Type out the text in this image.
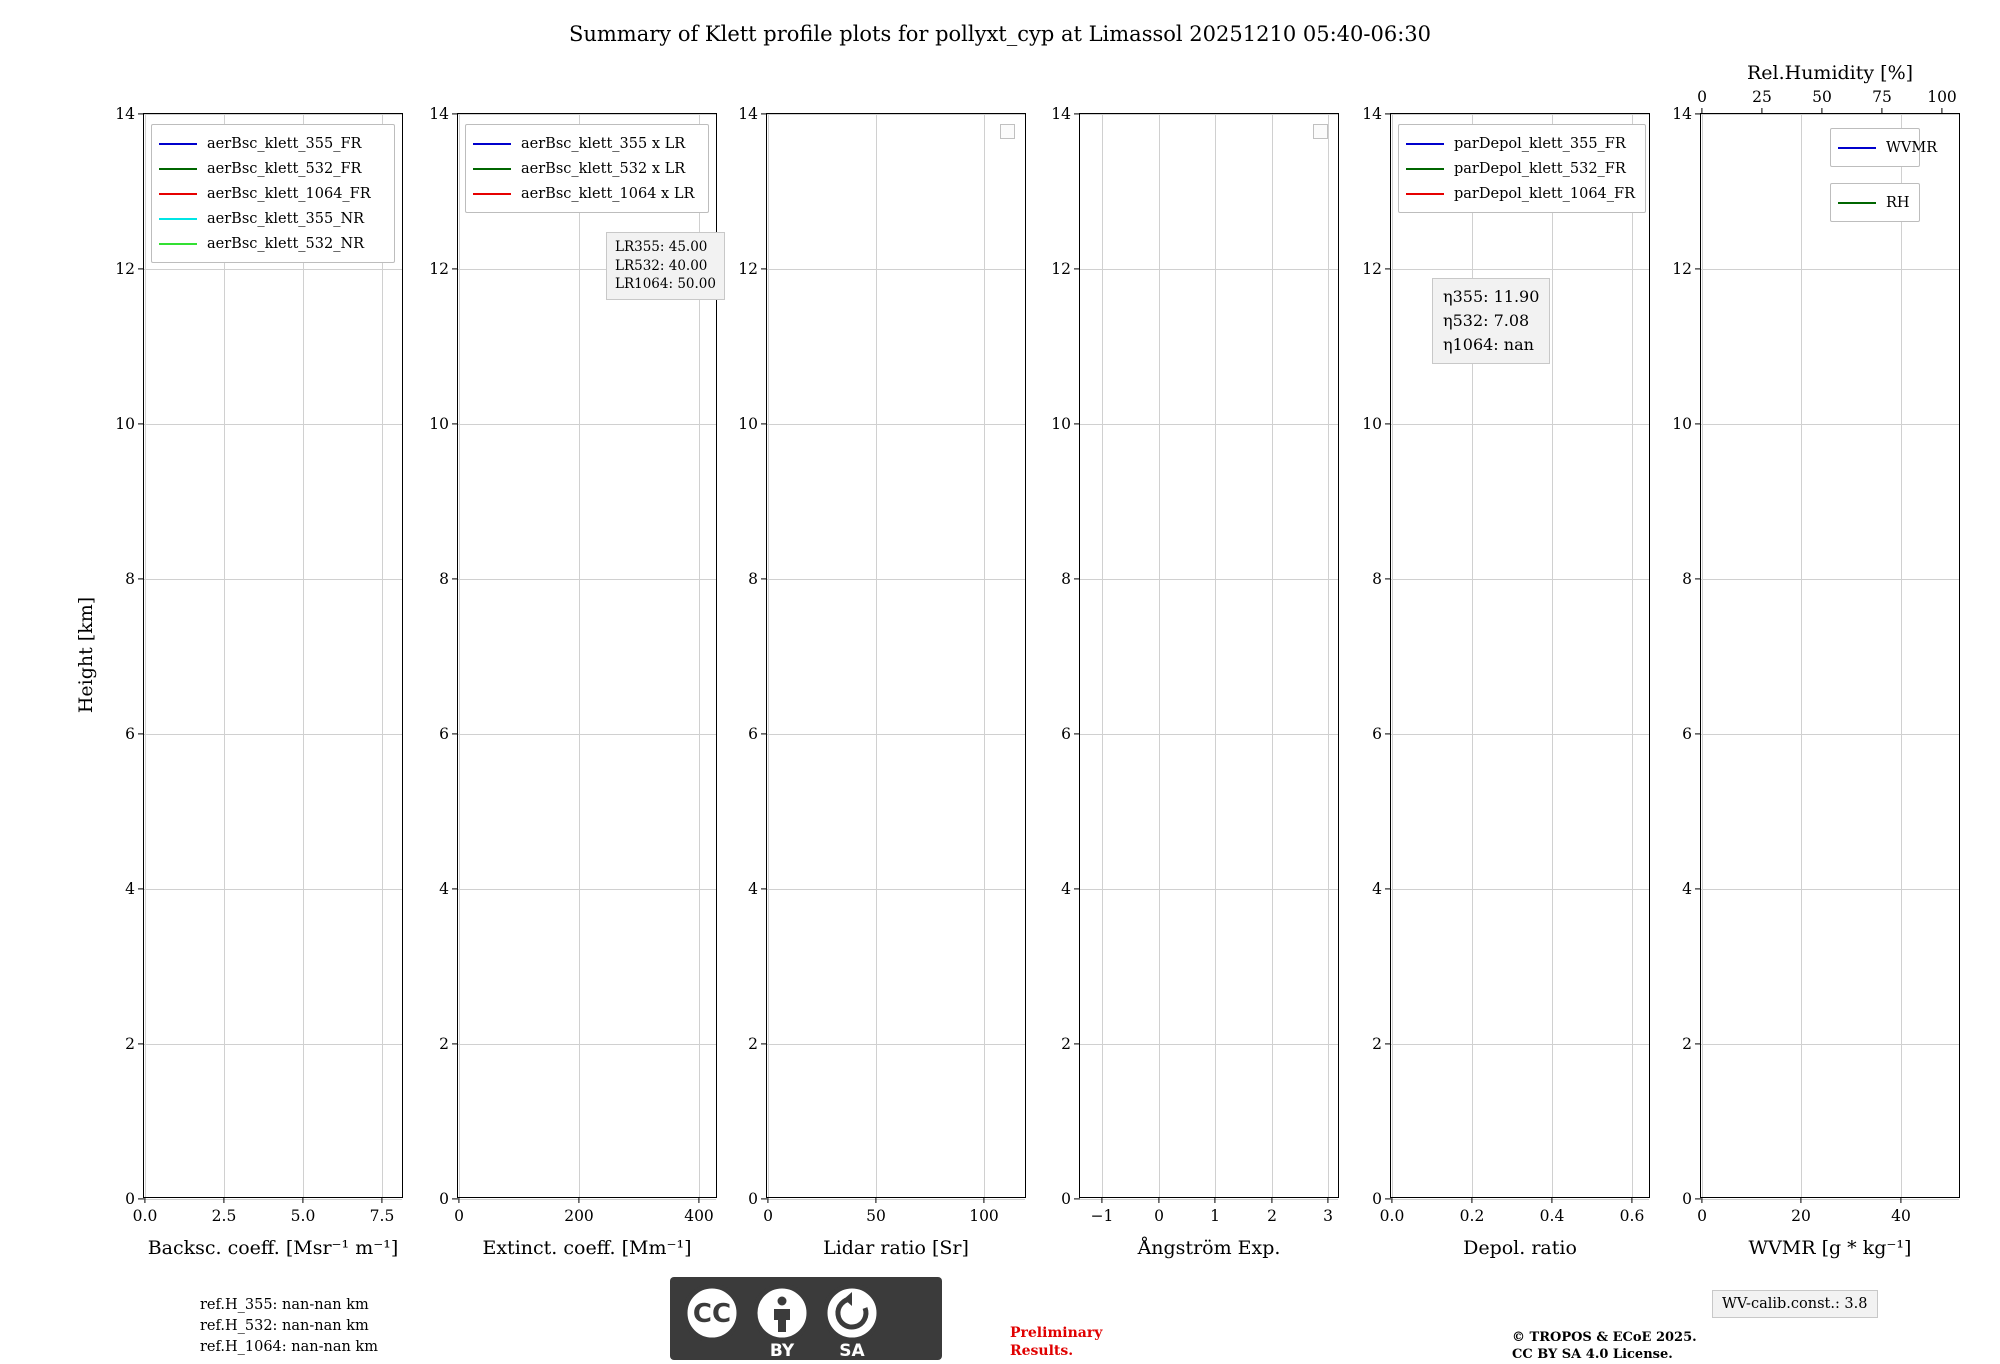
Summary of Klett profile plots for pollyxt_cyp at Limassol 20251210 05:40-06:30
Height [km]
0
2
4
6
8
10
12
14
0.0	2.5	5.0	7.5
Backsc. coeff. [Msr⁻¹ m⁻¹]
aerBsc_klett_355_FR
aerBsc_klett_532_FR
aerBsc_klett_1064_FR
aerBsc_klett_355_NR
aerBsc_klett_532_NR
0
2
4
6
8
10
12
14
0	200	400
Extinct. coeff. [Mm⁻¹]
aerBsc_klett_355 x LR
aerBsc_klett_532 x LR
aerBsc_klett_1064 x LR
LR355: 45.00
LR532: 40.00
LR1064: 50.00
0
2
4
6
8
10
12
14
0	50	100
Lidar ratio [Sr]
0
2
4
6
8
10
12
14
−1	0	1	2	3
Ångström Exp.
0
2
4
6
8
10
12
14
0.0	0.2	0.4	0.6
Depol. ratio
parDepol_klett_355_FR
parDepol_klett_532_FR
parDepol_klett_1064_FR
η355: 11.90
η532: 7.08
η1064: nan
0
2
4
6
8
10
12
14
0	20	40
0	25	50	75 100
Rel.Humidity [%]
WVMR [g * kg⁻¹]
WVMR
RH
ref.H_355: nan-nan km
ref.H_532: nan-nan km
ref.H_1064: nan-nan km
CC
BY	SA
Preliminary
Results.
© TROPOS & ECoE 2025.
CC BY SA 4.0 License.
WV-calib.const.: 3.8
